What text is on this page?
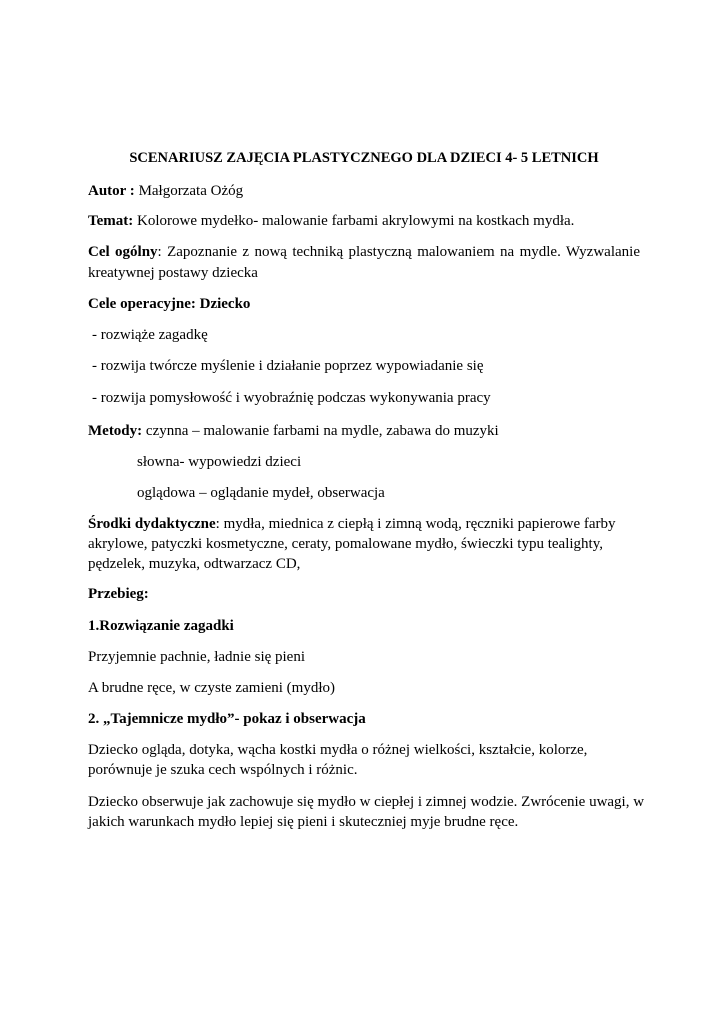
SCENARIUSZ ZAJĘCIA PLASTYCZNEGO DLA DZIECI 4- 5 LETNICH
Autor : Małgorzata Ożóg
Temat: Kolorowe mydełko- malowanie farbami akrylowymi na kostkach mydła.
Cel ogólny: Zapoznanie z nową techniką plastyczną malowaniem na mydle. Wyzwalanie
kreatywnej postawy dziecka
Cele operacyjne: Dziecko
- rozwiąże zagadkę
- rozwija twórcze myślenie i działanie poprzez wypowiadanie się
- rozwija pomysłowość i wyobraźnię podczas wykonywania pracy
Metody: czynna – malowanie farbami na mydle, zabawa do muzyki
słowna- wypowiedzi dzieci
oglądowa – oglądanie mydeł, obserwacja
Środki dydaktyczne: mydła, miednica z ciepłą i zimną wodą, ręczniki papierowe farby
akrylowe, patyczki kosmetyczne, ceraty, pomalowane mydło, świeczki typu tealighty,
pędzelek, muzyka, odtwarzacz CD,
Przebieg:
1.Rozwiązanie zagadki
Przyjemnie pachnie, ładnie się pieni
A brudne ręce, w czyste zamieni (mydło)
2. „Tajemnicze mydło”- pokaz i obserwacja
Dziecko ogląda, dotyka, wącha kostki mydła o różnej wielkości, kształcie, kolorze,
porównuje je szuka cech wspólnych i różnic.
Dziecko obserwuje jak zachowuje się mydło w ciepłej i zimnej wodzie. Zwrócenie uwagi, w
jakich warunkach mydło lepiej się pieni i skuteczniej myje brudne ręce.
